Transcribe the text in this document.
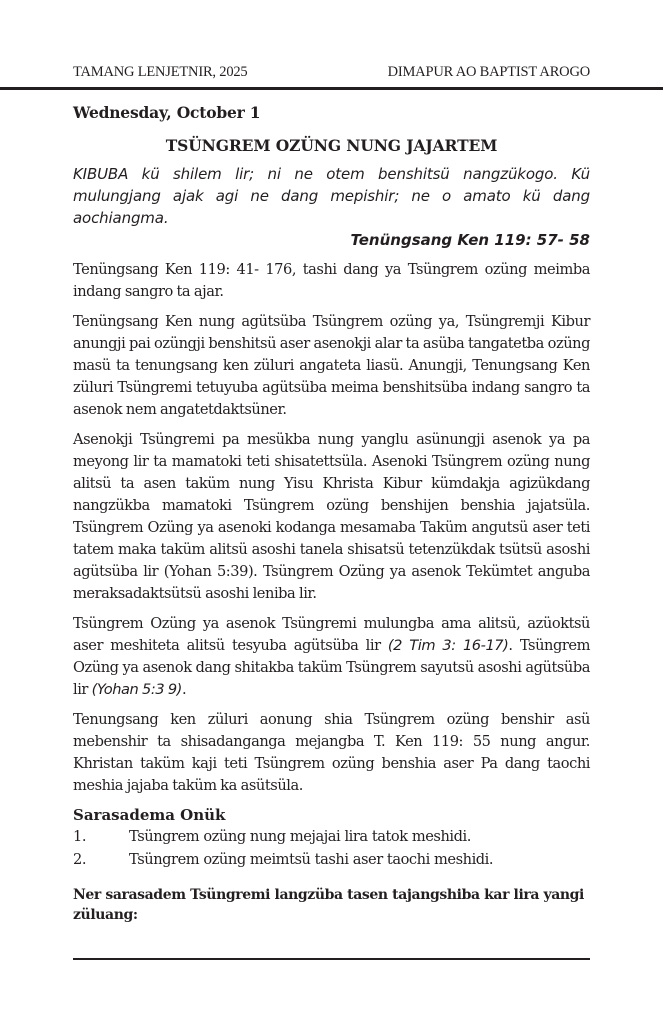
TAMANG LENJETNIR, 2025	DIMAPUR AO BAPTIST AROGO
Wednesday, October 1
TSÜNGREM OZÜNG NUNG JAJARTEM

KIBUBA kü shilem lir; ni ne otem benshitsü nangzükogo. Kü mulungjang ajak agi ne dang mepishir; ne o amato kü dang aochiangma.

Tenüngsang Ken 119: 57- 58

Tenüngsang Ken 119: 41- 176, tashi dang ya Tsüngrem ozüng meimba indang sangro ta ajar.

Tenüngsang Ken nung agütsüba Tsüngrem ozüng ya, Tsüngremji Kibur anungji pai ozüngji benshitsü aser asenokji alar ta asüba tangatetba ozüng masü ta tenungsang ken züluri angateta liasü. Anungji, Tenungsang Ken züluri Tsüngremi tetuyuba agütsüba meima benshitsüba indang sangro ta asenok nem angatetdaktsüner.

Asenokji Tsüngremi pa mesükba nung yanglu asünungji asenok ya pa meyong lir ta mamatoki teti shisatettsüla. Asenoki Tsüngrem ozüng nung alitsü ta asen taküm nung Yisu Khrista Kibur kümdakja agizükdang nangzükba mamatoki Tsüngrem ozüng benshijen benshia jajatsüla. Tsüngrem Ozüng ya asenoki kodanga mesamaba Taküm angutsü aser teti tatem maka taküm alitsü asoshi tanela shisatsü tetenzükdak tsütsü asoshi agütsüba lir (Yohan 5:39). Tsüngrem Ozüng ya asenok Tekümtet anguba meraksadaktsütsü asoshi leniba lir.

Tsüngrem Ozüng ya asenok Tsüngremi mulungba ama alitsü, azüoktsü aser meshiteta alitsü tesyuba agütsüba lir (2 Tim 3: 16-17). Tsüngrem Ozüng ya asenok dang shitakba taküm Tsüngrem sayutsü asoshi agütsüba lir (Yohan 5:3 9).

Tenungsang ken züluri aonung shia Tsüngrem ozüng benshir asü mebenshir ta shisadanganga mejangba T. Ken 119: 55 nung angur. Khristan taküm kaji teti Tsüngrem ozüng benshia aser Pa dang taochi meshia jajaba taküm ka asütsüla.

Sarasadema Onük
1.	Tsüngrem ozüng nung mejajai lira tatok meshidi.
2.	Tsüngrem ozüng meimtsü tashi aser taochi meshidi.

Ner sarasadem Tsüngremi langzüba tasen tajangshiba kar lira yangi züluang:
